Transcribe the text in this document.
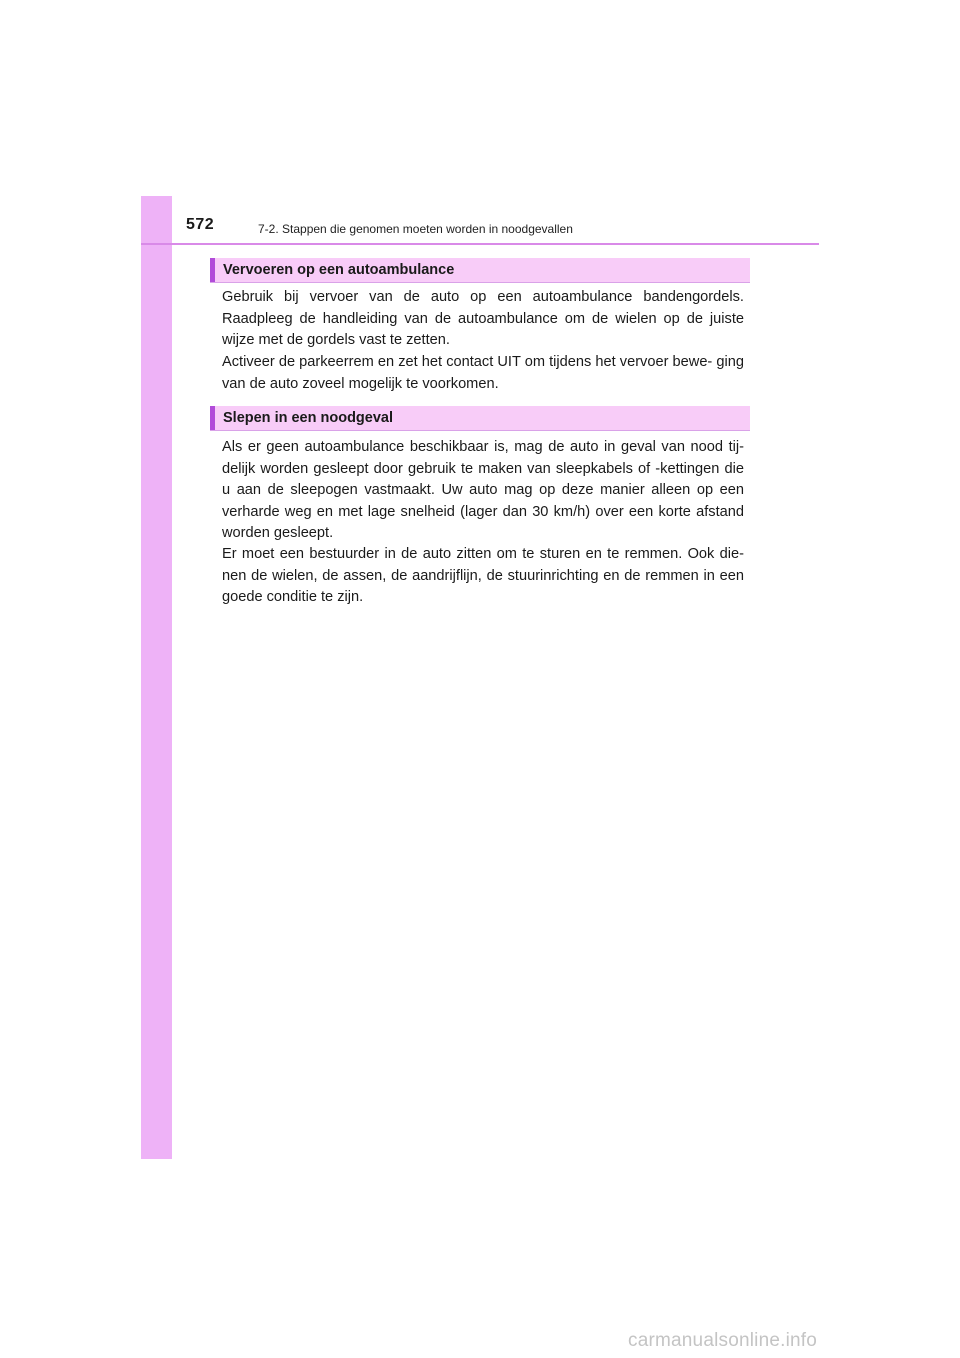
572	7-2. Stappen die genomen moeten worden in noodgevallen
Vervoeren op een autoambulance

Gebruik bij vervoer van de auto op een autoambulance bandengordels. Raadpleeg de handleiding van de autoambulance om de wielen op de juiste wijze met de gordels vast te zetten.

Activeer de parkeerrem en zet het contact UIT om tijdens het vervoer bewe- ging van de auto zoveel mogelijk te voorkomen.

Slepen in een noodgeval

Als er geen autoambulance beschikbaar is, mag de auto in geval van nood tij- delijk worden gesleept door gebruik te maken van sleepkabels of -kettingen die u aan de sleepogen vastmaakt. Uw auto mag op deze manier alleen op een verharde weg en met lage snelheid (lager dan 30 km/h) over een korte afstand worden gesleept.

Er moet een bestuurder in de auto zitten om te sturen en te remmen. Ook die- nen de wielen, de assen, de aandrijflijn, de stuurinrichting en de remmen in een goede conditie te zijn.

carmanualsonline.info
